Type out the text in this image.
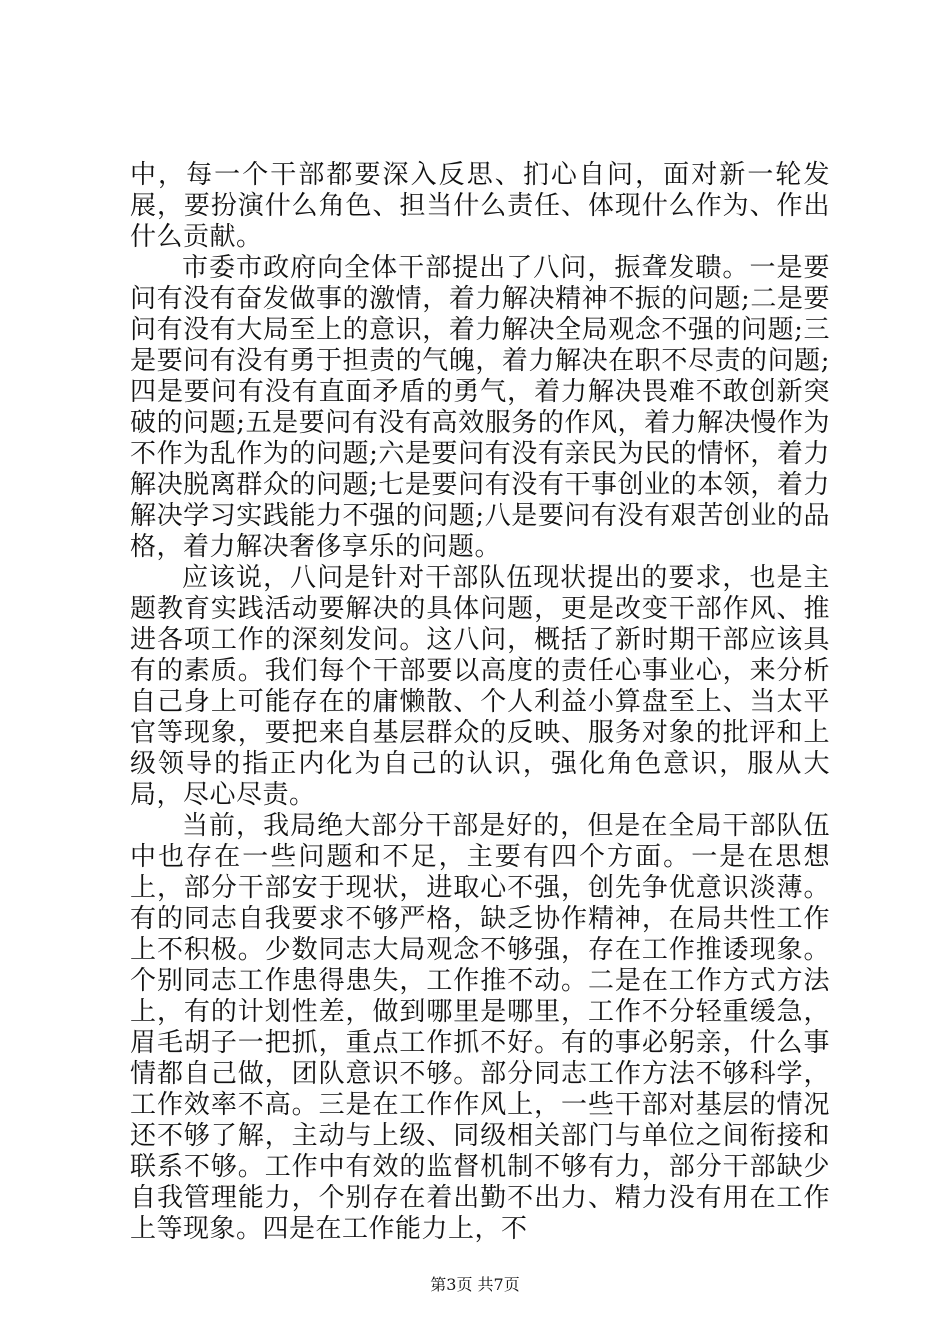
中，每一个干部都要深入反思、扪心自问，面对新一轮发展，要扮演什么角色、担当什么责任、体现什么作为、作出什么贡献。

市委市政府向全体干部提出了八问，振聋发聩。一是要问有没有奋发做事的激情，着力解决精神不振的问题;二是要问有没有大局至上的意识，着力解决全局观念不强的问题;三是要问有没有勇于担责的气魄，着力解决在职不尽责的问题;四是要问有没有直面矛盾的勇气，着力解决畏难不敢创新突破的问题;五是要问有没有高效服务的作风，着力解决慢作为不作为乱作为的问题;六是要问有没有亲民为民的情怀，着力解决脱离群众的问题;七是要问有没有干事创业的本领，着力解决学习实践能力不强的问题;八是要问有没有艰苦创业的品格，着力解决奢侈享乐的问题。

应该说，八问是针对干部队伍现状提出的要求，也是主题教育实践活动要解决的具体问题，更是改变干部作风、推进各项工作的深刻发问。这八问，概括了新时期干部应该具有的素质。我们每个干部要以高度的责任心事业心，来分析自己身上可能存在的庸懒散、个人利益小算盘至上、当太平官等现象，要把来自基层群众的反映、服务对象的批评和上级领导的指正内化为自己的认识，强化角色意识，服从大局，尽心尽责。

当前，我局绝大部分干部是好的，但是在全局干部队伍中也存在一些问题和不足，主要有四个方面。一是在思想上，部分干部安于现状，进取心不强，创先争优意识淡薄。有的同志自我要求不够严格，缺乏协作精神，在局共性工作上不积极。少数同志大局观念不够强，存在工作推诿现象。个别同志工作患得患失，工作推不动。二是在工作方式方法上，有的计划性差，做到哪里是哪里，工作不分轻重缓急，眉毛胡子一把抓，重点工作抓不好。有的事必躬亲，什么事情都自己做，团队意识不够。部分同志工作方法不够科学，工作效率不高。三是在工作作风上，一些干部对基层的情况还不够了解，主动与上级、同级相关部门与单位之间衔接和联系不够。工作中有效的监督机制不够有力，部分干部缺少自我管理能力，个别存在着出勤不出力、精力没有用在工作上等现象。四是在工作能力上，不

第3页 共7页
